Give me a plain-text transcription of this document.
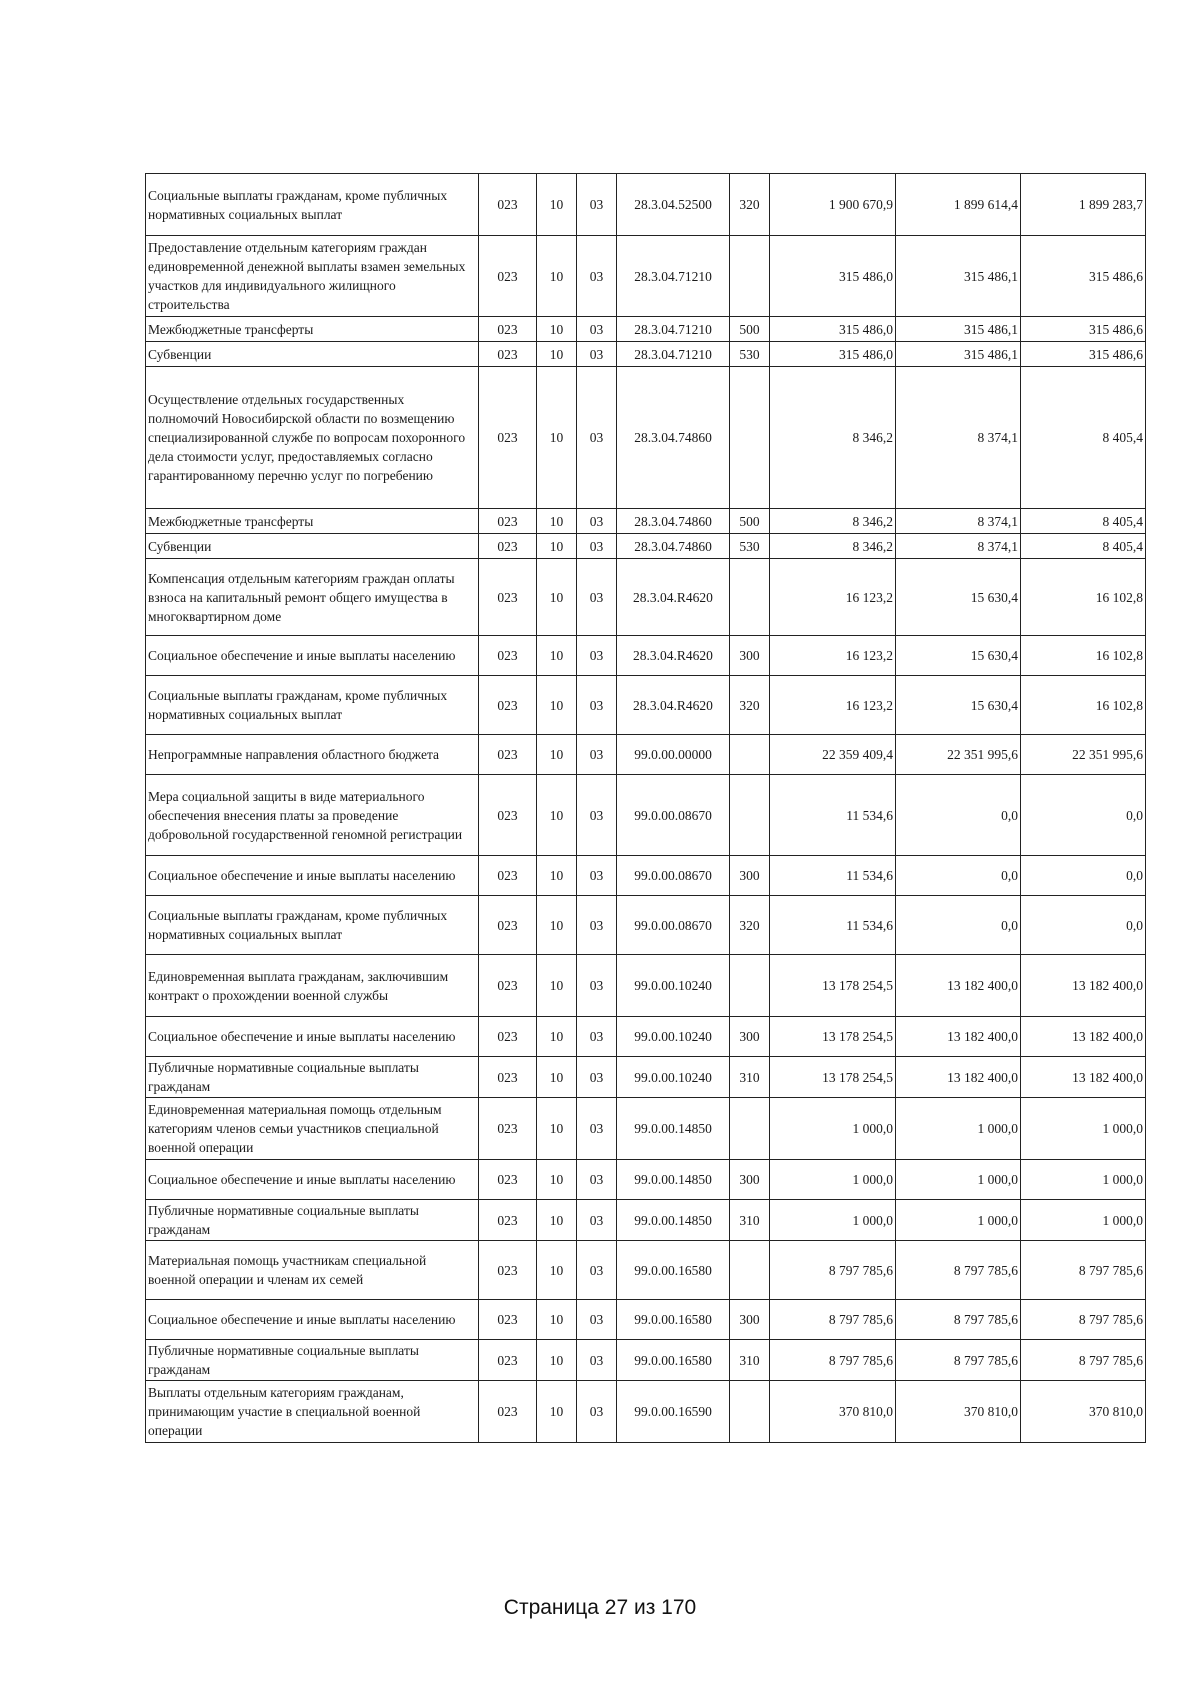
Социальные выплаты гражданам, кроме публичных нормативных социальных выплат	023	10	03	28.3.04.52500	320	1 900 670,9	1 899 614,4	1 899 283,7
Предоставление отдельным категориям граждан единовременной денежной выплаты взамен земельных участков для индивидуального жилищного строительства	023	10	03	28.3.04.71210		315 486,0	315 486,1	315 486,6
Межбюджетные трансферты	023	10	03	28.3.04.71210	500	315 486,0	315 486,1	315 486,6
Субвенции	023	10	03	28.3.04.71210	530	315 486,0	315 486,1	315 486,6
Осуществление отдельных государственных полномочий Новосибирской области по возмещению специализированной службе по вопросам похоронного дела стоимости услуг, предоставляемых согласно гарантированному перечню услуг по погребению	023	10	03	28.3.04.74860		8 346,2	8 374,1	8 405,4
Межбюджетные трансферты	023	10	03	28.3.04.74860	500	8 346,2	8 374,1	8 405,4
Субвенции	023	10	03	28.3.04.74860	530	8 346,2	8 374,1	8 405,4
Компенсация отдельным категориям граждан оплаты взноса на капитальный ремонт общего имущества в многоквартирном доме	023	10	03	28.3.04.R4620		16 123,2	15 630,4	16 102,8
Социальное обеспечение и иные выплаты населению	023	10	03	28.3.04.R4620	300	16 123,2	15 630,4	16 102,8
Социальные выплаты гражданам, кроме публичных нормативных социальных выплат	023	10	03	28.3.04.R4620	320	16 123,2	15 630,4	16 102,8
Непрограммные направления областного бюджета	023	10	03	99.0.00.00000		22 359 409,4	22 351 995,6	22 351 995,6
Мера социальной защиты в виде материального обеспечения внесения платы за проведение добровольной государственной геномной регистрации	023	10	03	99.0.00.08670		11 534,6	0,0	0,0
Социальное обеспечение и иные выплаты населению	023	10	03	99.0.00.08670	300	11 534,6	0,0	0,0
Социальные выплаты гражданам, кроме публичных нормативных социальных выплат	023	10	03	99.0.00.08670	320	11 534,6	0,0	0,0
Единовременная выплата гражданам, заключившим контракт о прохождении военной службы	023	10	03	99.0.00.10240		13 178 254,5	13 182 400,0	13 182 400,0
Социальное обеспечение и иные выплаты населению	023	10	03	99.0.00.10240	300	13 178 254,5	13 182 400,0	13 182 400,0
Публичные нормативные социальные выплаты гражданам	023	10	03	99.0.00.10240	310	13 178 254,5	13 182 400,0	13 182 400,0
Единовременная материальная помощь отдельным категориям членов семьи участников специальной военной операции	023	10	03	99.0.00.14850		1 000,0	1 000,0	1 000,0
Социальное обеспечение и иные выплаты населению	023	10	03	99.0.00.14850	300	1 000,0	1 000,0	1 000,0
Публичные нормативные социальные выплаты гражданам	023	10	03	99.0.00.14850	310	1 000,0	1 000,0	1 000,0
Материальная помощь участникам специальной военной операции и членам их семей	023	10	03	99.0.00.16580		8 797 785,6	8 797 785,6	8 797 785,6
Социальное обеспечение и иные выплаты населению	023	10	03	99.0.00.16580	300	8 797 785,6	8 797 785,6	8 797 785,6
Публичные нормативные социальные выплаты гражданам	023	10	03	99.0.00.16580	310	8 797 785,6	8 797 785,6	8 797 785,6
Выплаты отдельным категориям гражданам, принимающим участие в специальной военной операции	023	10	03	99.0.00.16590		370 810,0	370 810,0	370 810,0
Страница 27 из 170
